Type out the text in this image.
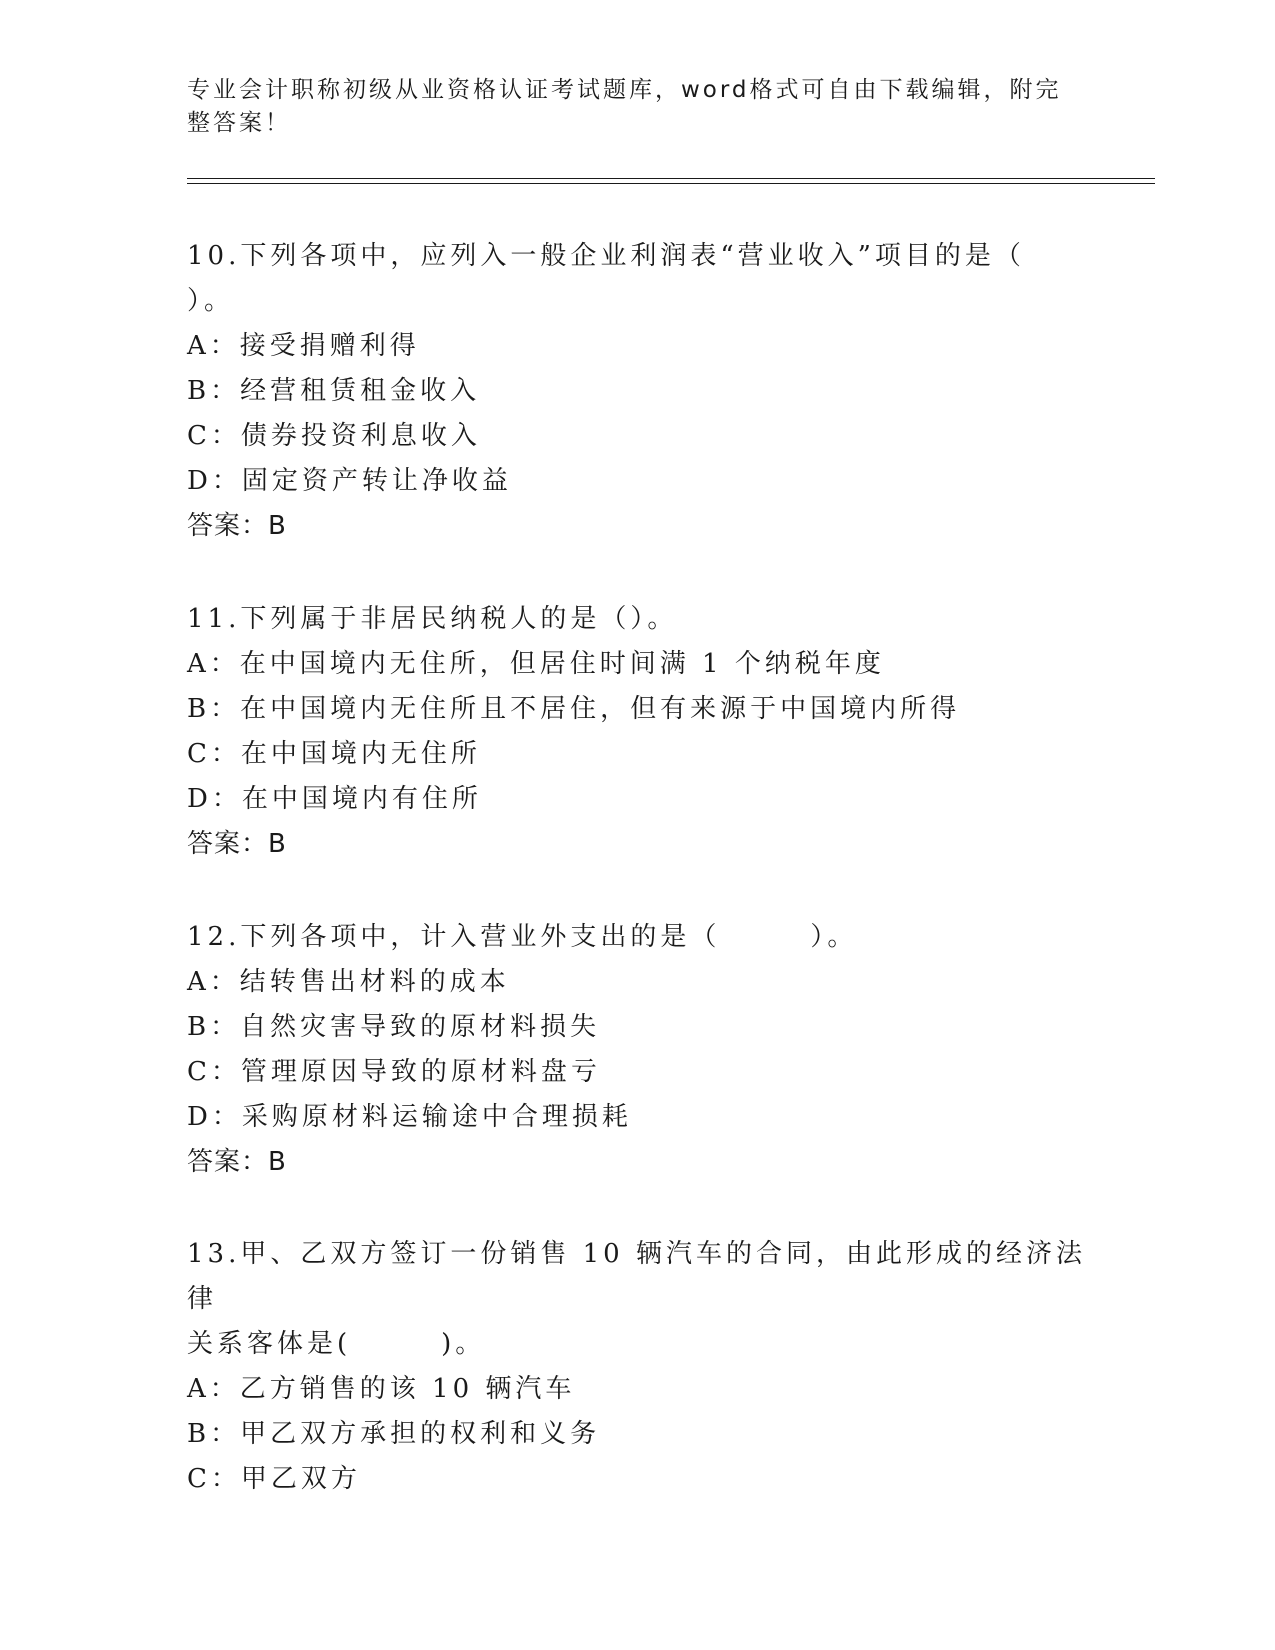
专业会计职称初级从业资格认证考试题库，word格式可自由下载编辑，附完整答案！
10.下列各项中，应列入一般企业利润表“营业收入”项目的是（
）。
A：接受捐赠利得
B：经营租赁租金收入
C：债券投资利息收入
D：固定资产转让净收益
答案：B
11.下列属于非居民纳税人的是（）。
A：在中国境内无住所，但居住时间满 1 个纳税年度
B：在中国境内无住所且不居住，但有来源于中国境内所得
C：在中国境内无住所
D：在中国境内有住所
答案：B
12.下列各项中，计入营业外支出的是（　　　）。
A：结转售出材料的成本
B：自然灾害导致的原材料损失
C：管理原因导致的原材料盘亏
D：采购原材料运输途中合理损耗
答案：B
13.甲、乙双方签订一份销售 10 辆汽车的合同，由此形成的经济法律
关系客体是(　　　)。
A：乙方销售的该 10 辆汽车
B：甲乙双方承担的权利和义务
C：甲乙双方
